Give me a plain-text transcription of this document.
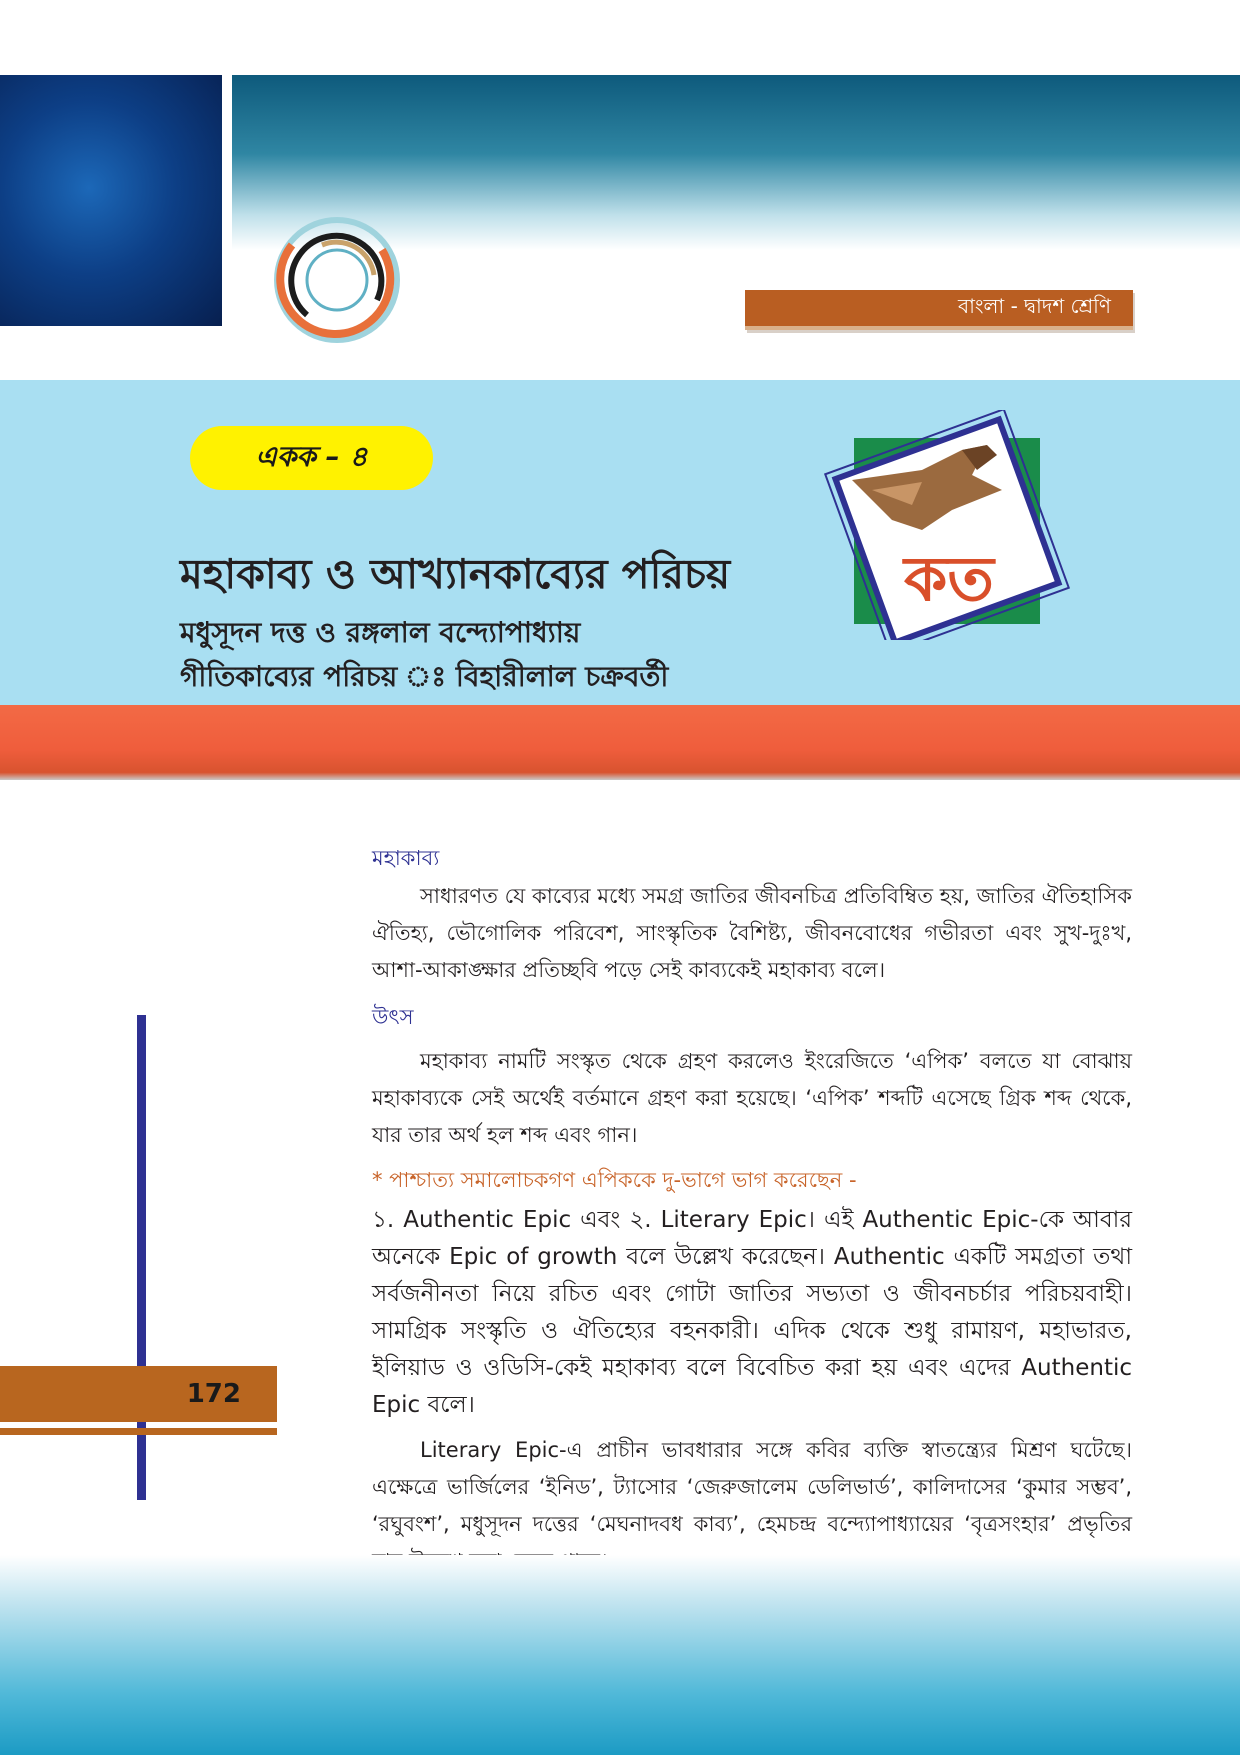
বাংলা - দ্বাদশ শ্রেণি
একক – ৪
মহাকাব্য ও আখ্যানকাব্যের পরিচয়
মধুসূদন দত্ত ও রঙ্গলাল বন্দ্যোপাধ্যায়
গীতিকাব্যের পরিচয় ঃ বিহারীলাল চক্রবর্তী
কত
মহাকাব্য

সাধারণত যে কাব্যের মধ্যে সমগ্র জাতির জীবনচিত্র প্রতিবিম্বিত হয়, জাতির ঐতিহাসিক ঐতিহ্য, ভৌগোলিক পরিবেশ, সাংস্কৃতিক বৈশিষ্ট্য, জীবনবোধের গভীরতা এবং সুখ-দুঃখ, আশা-আকাঙ্ক্ষার প্রতিচ্ছবি পড়ে সেই কাব্যকেই মহাকাব্য বলে।

উৎস

মহাকাব্য নামটি সংস্কৃত থেকে গ্রহণ করলেও ইংরেজিতে ‘এপিক’ বলতে যা বোঝায় মহাকাব্যকে সেই অর্থেই বর্তমানে গ্রহণ করা হয়েছে। ‘এপিক’ শব্দটি এসেছে গ্রিক শব্দ থেকে, যার তার অর্থ হল শব্দ এবং গান।

* পাশ্চাত্য সমালোচকগণ এপিককে দু-ভাগে ভাগ করেছেন -

১. Authentic Epic এবং ২. Literary Epic। এই Authentic Epic-কে আবার অনেকে Epic of growth বলে উল্লেখ করেছেন। Authentic একটি সমগ্রতা তথা সর্বজনীনতা নিয়ে রচিত এবং গোটা জাতির সভ্যতা ও জীবনচর্চার পরিচয়বাহী। সামগ্রিক সংস্কৃতি ও ঐতিহ্যের বহনকারী। এদিক থেকে শুধু রামায়ণ, মহাভারত, ইলিয়াড ও ওডিসি-কেই মহাকাব্য বলে বিবেচিত করা হয় এবং এদের Authentic Epic বলে।

Literary Epic-এ প্রাচীন ভাবধারার সঙ্গে কবির ব্যক্তি স্বাতন্ত্র্যের মিশ্রণ ঘটেছে। এক্ষেত্রে ভার্জিলের ‘ইনিড’, ট্যাসোর ‘জেরুজালেম ডেলিভার্ড’, কালিদাসের ‘কুমার সম্ভব’, ‘রঘুবংশ’, মধুসূদন দত্তের ‘মেঘনাদবধ কাব্য’, হেমচন্দ্র বন্দ্যোপাধ্যায়ের ‘বৃত্রসংহার’ প্রভৃতির

172
